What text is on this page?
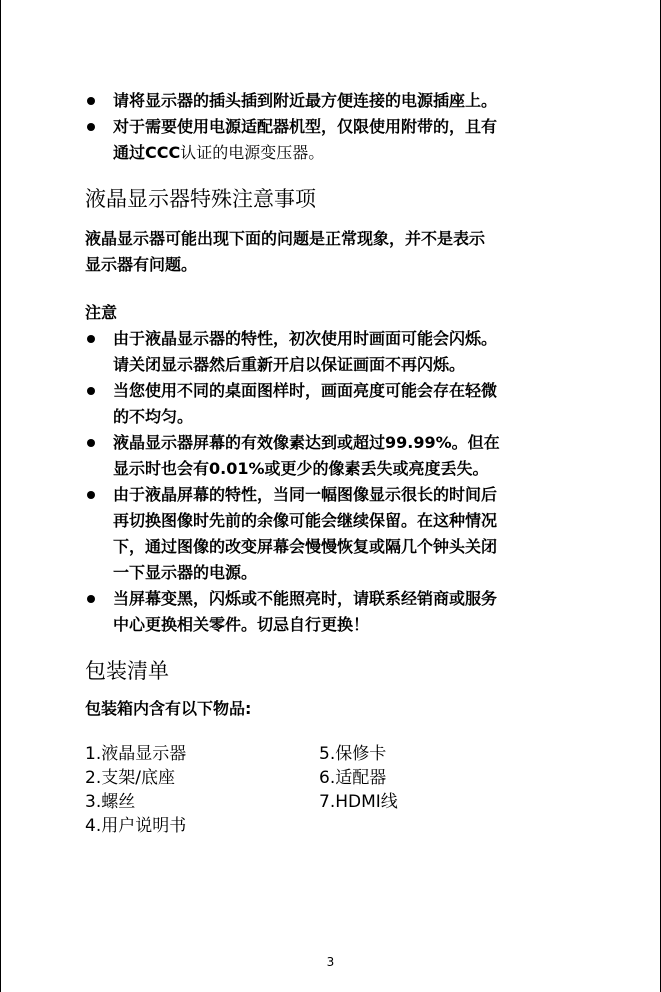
请将显示器的插头插到附近最方便连接的电源插座上。
对于需要使用电源适配器机型，仅限使用附带的，且有
通过CCC认证的电源变压器。
液晶显示器特殊注意事项

液晶显示器可能出现下面的问题是正常现象，并不是表示
显示器有问题。

注意

由于液晶显示器的特性，初次使用时画面可能会闪烁。
请关闭显示器然后重新开启以保证画面不再闪烁。
当您使用不同的桌面图样时，画面亮度可能会存在轻微
的不均匀。
液晶显示器屏幕的有效像素达到或超过99.99%。但在
显示时也会有0.01%或更少的像素丢失或亮度丢失。
由于液晶屏幕的特性，当同一幅图像显示很长的时间后
再切换图像时先前的余像可能会继续保留。在这种情况
下，通过图像的改变屏幕会慢慢恢复或隔几个钟头关闭
一下显示器的电源。
当屏幕变黑，闪烁或不能照亮时，请联系经销商或服务
中心更换相关零件。切忌自行更换！
包装清单

包装箱内含有以下物品:

1.液晶显示器
2.支架/底座
3.螺丝
4.用户说明书
5.保修卡
6.适配器
7.HDMI线
3
